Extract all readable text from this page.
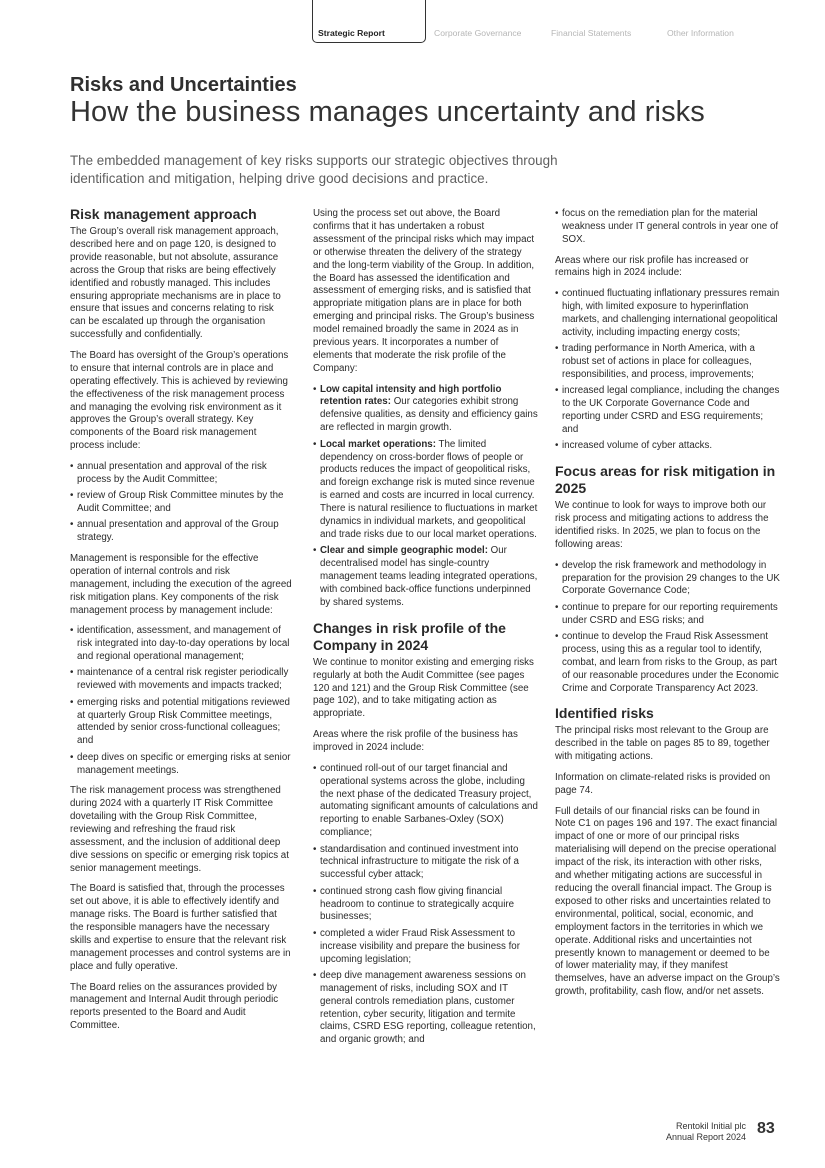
Strategic Report	Corporate Governance	Financial Statements	Other Information
Risks and Uncertainties
How the business manages uncertainty and risks
The embedded management of key risks supports our strategic objectives through identification and mitigation, helping drive good decisions and practice.
Risk management approach

The Group’s overall risk management approach, described here and on page 120, is designed to provide reasonable, but not absolute, assurance across the Group that risks are being effectively identified and robustly managed. This includes ensuring appropriate mechanisms are in place to ensure that issues and concerns relating to risk can be escalated up through the organisation successfully and confidentially.

The Board has oversight of the Group’s operations to ensure that internal controls are in place and operating effectively. This is achieved by reviewing the effectiveness of the risk management process and managing the evolving risk environment as it approves the Group’s overall strategy. Key components of the Board risk management process include:

• annual presentation and approval of the risk process by the Audit Committee;
• review of Group Risk Committee minutes by the Audit Committee; and
• annual presentation and approval of the Group strategy.

Management is responsible for the effective operation of internal controls and risk management, including the execution of the agreed risk mitigation plans. Key components of the risk management process by management include:

• identification, assessment, and management of risk integrated into day-to-day operations by local and regional operational management;
• maintenance of a central risk register periodically reviewed with movements and impacts tracked;
• emerging risks and potential mitigations reviewed at quarterly Group Risk Committee meetings, attended by senior cross-functional colleagues; and
• deep dives on specific or emerging risks at senior management meetings.

The risk management process was strengthened during 2024 with a quarterly IT Risk Committee dovetailing with the Group Risk Committee, reviewing and refreshing the fraud risk assessment, and the inclusion of additional deep dive sessions on specific or emerging risk topics at senior management meetings.

The Board is satisfied that, through the processes set out above, it is able to effectively identify and manage risks. The Board is further satisfied that the responsible managers have the necessary skills and expertise to ensure that the relevant risk management processes and control systems are in place and fully operative.

The Board relies on the assurances provided by management and Internal Audit through periodic reports presented to the Board and Audit Committee.

Using the process set out above, the Board confirms that it has undertaken a robust assessment of the principal risks which may impact or otherwise threaten the delivery of the strategy and the long-term viability of the Group. In addition, the Board has assessed the identification and assessment of emerging risks, and is satisfied that appropriate mitigation plans are in place for both emerging and principal risks. The Group’s business model remained broadly the same in 2024 as in previous years. It incorporates a number of elements that moderate the risk profile of the Company:

• Low capital intensity and high portfolio retention rates: Our categories exhibit strong defensive qualities, as density and efficiency gains are reflected in margin growth.
• Local market operations: The limited dependency on cross-border flows of people or products reduces the impact of geopolitical risks, and foreign exchange risk is muted since revenue is earned and costs are incurred in local currency. There is natural resilience to fluctuations in market dynamics in individual markets, and geopolitical and trade risks due to our local market operations.
• Clear and simple geographic model: Our decentralised model has single-country management teams leading integrated operations, with combined back-office functions underpinned by shared systems.
Changes in risk profile of the Company in 2024

We continue to monitor existing and emerging risks regularly at both the Audit Committee (see pages 120 and 121) and the Group Risk Committee (see page 102), and to take mitigating action as appropriate.

Areas where the risk profile of the business has improved in 2024 include:

• continued roll-out of our target financial and operational systems across the globe, including the next phase of the dedicated Treasury project, automating significant amounts of calculations and reporting to enable Sarbanes-Oxley (SOX) compliance;
• standardisation and continued investment into technical infrastructure to mitigate the risk of a successful cyber attack;
• continued strong cash flow giving financial headroom to continue to strategically acquire businesses;
• completed a wider Fraud Risk Assessment to increase visibility and prepare the business for upcoming legislation;
• deep dive management awareness sessions on management of risks, including SOX and IT general controls remediation plans, customer retention, cyber security, litigation and termite claims, CSRD ESG reporting, colleague retention, and organic growth; and
• focus on the remediation plan for the material weakness under IT general controls in year one of SOX.

Areas where our risk profile has increased or remains high in 2024 include:

• continued fluctuating inflationary pressures remain high, with limited exposure to hyperinflation markets, and challenging international geopolitical activity, including impacting energy costs;
• trading performance in North America, with a robust set of actions in place for colleagues, responsibilities, and process, improvements;
• increased legal compliance, including the changes to the UK Corporate Governance Code and reporting under CSRD and ESG requirements; and
• increased volume of cyber attacks.
Focus areas for risk mitigation in 2025

We continue to look for ways to improve both our risk process and mitigating actions to address the identified risks. In 2025, we plan to focus on the following areas:

• develop the risk framework and methodology in preparation for the provision 29 changes to the UK Corporate Governance Code;
• continue to prepare for our reporting requirements under CSRD and ESG risks; and
• continue to develop the Fraud Risk Assessment process, using this as a regular tool to identify, combat, and learn from risks to the Group, as part of our reasonable procedures under the Economic Crime and Corporate Transparency Act 2023.
Identified risks

The principal risks most relevant to the Group are described in the table on pages 85 to 89, together with mitigating actions.

Information on climate-related risks is provided on page 74.

Full details of our financial risks can be found in Note C1 on pages 196 and 197. The exact financial impact of one or more of our principal risks materialising will depend on the precise operational impact of the risk, its interaction with other risks, and whether mitigating actions are successful in reducing the overall financial impact. The Group is exposed to other risks and uncertainties related to environmental, political, social, economic, and employment factors in the territories in which we operate. Additional risks and uncertainties not presently known to management or deemed to be of lower materiality may, if they manifest themselves, have an adverse impact on the Group’s growth, profitability, cash flow, and/or net assets.

Rentokil Initial plc
Annual Report 2024 83
